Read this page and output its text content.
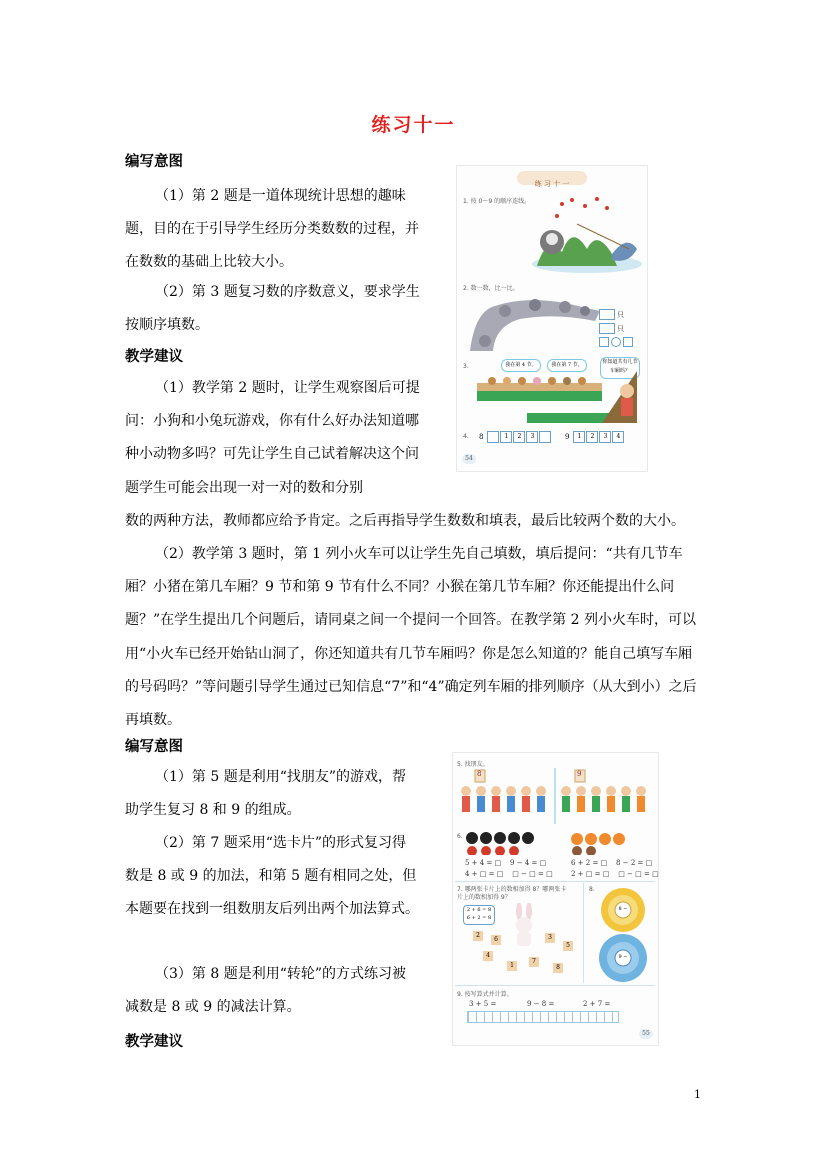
练习十一
编写意图

（1）第 2 题是一道体现统计思想的趣味题，目的在于引导学生经历分类数数的过程，并在数数的基础上比较大小。

（2）第 3 题复习数的序数意义，要求学生按顺序填数。

教学建议

（1）教学第 2 题时，让学生观察图后可提问：小狗和小兔玩游戏，你有什么好办法知道哪种小动物多吗？可先让学生自己试着解决这个问题学生可能会出现一对一对的数和分别

数的两种方法，教师都应给予肯定。之后再指导学生数数和填表，最后比较两个数的大小。

（2）教学第 3 题时，第 1 列小火车可以让学生先自己填数，填后提问：“共有几节车厢？小猪在第几车厢？9 节和第 9 节有什么不同？小猴在第几节车厢？你还能提出什么问题？”在学生提出几个问题后，请同桌之间一个提问一个回答。在教学第 2 列小火车时，可以用“小火车已经开始钻山洞了，你还知道共有几节车厢吗？你是怎么知道的？能自己填写车厢的号码吗？”等问题引导学生通过已知信息“7”和“4”确定列车厢的排列顺序（从大到小）之后再填数。

编写意图

（1）第 5 题是利用“找朋友”的游戏，帮助学生复习 8 和 9 的组成。

（2）第 7 题采用“选卡片”的形式复习得数是 8 或 9 的加法，和第 5 题有相同之处，但本题要在找到一组数朋友后列出两个加法算式。

（3）第 8 题是利用“转轮”的方式练习被减数是 8 或 9 的减法计算。

教学建议
练 习 十 一
1. 按 0～9 的顺序连线。
2. 数一数，比一比。
只
只
3.	我在第 4 节。	我在第 7 节。	你知道共有几节车厢吗？
4. 8	1	2	3	9	1	2	3	4
54
5. 找朋友。
8	9
6.
5 + 4 = □    9 − 4 = □
4 + □ = □    □ − □ = □
6 + 2 = □    8 − 2 = □
2 + □ = □    □ − □ = □
7. 哪两张卡片上的数相加得 8？哪两张卡片上的数相加得 9？
2 + 6 = 8
6 + 2 = 8
2
6	3
5
4
1
7
8
8.
8 −
9 −
9. 按写算式并计算。
3 + 5 =	9 − 8 =	2 + 7 =
55
1
